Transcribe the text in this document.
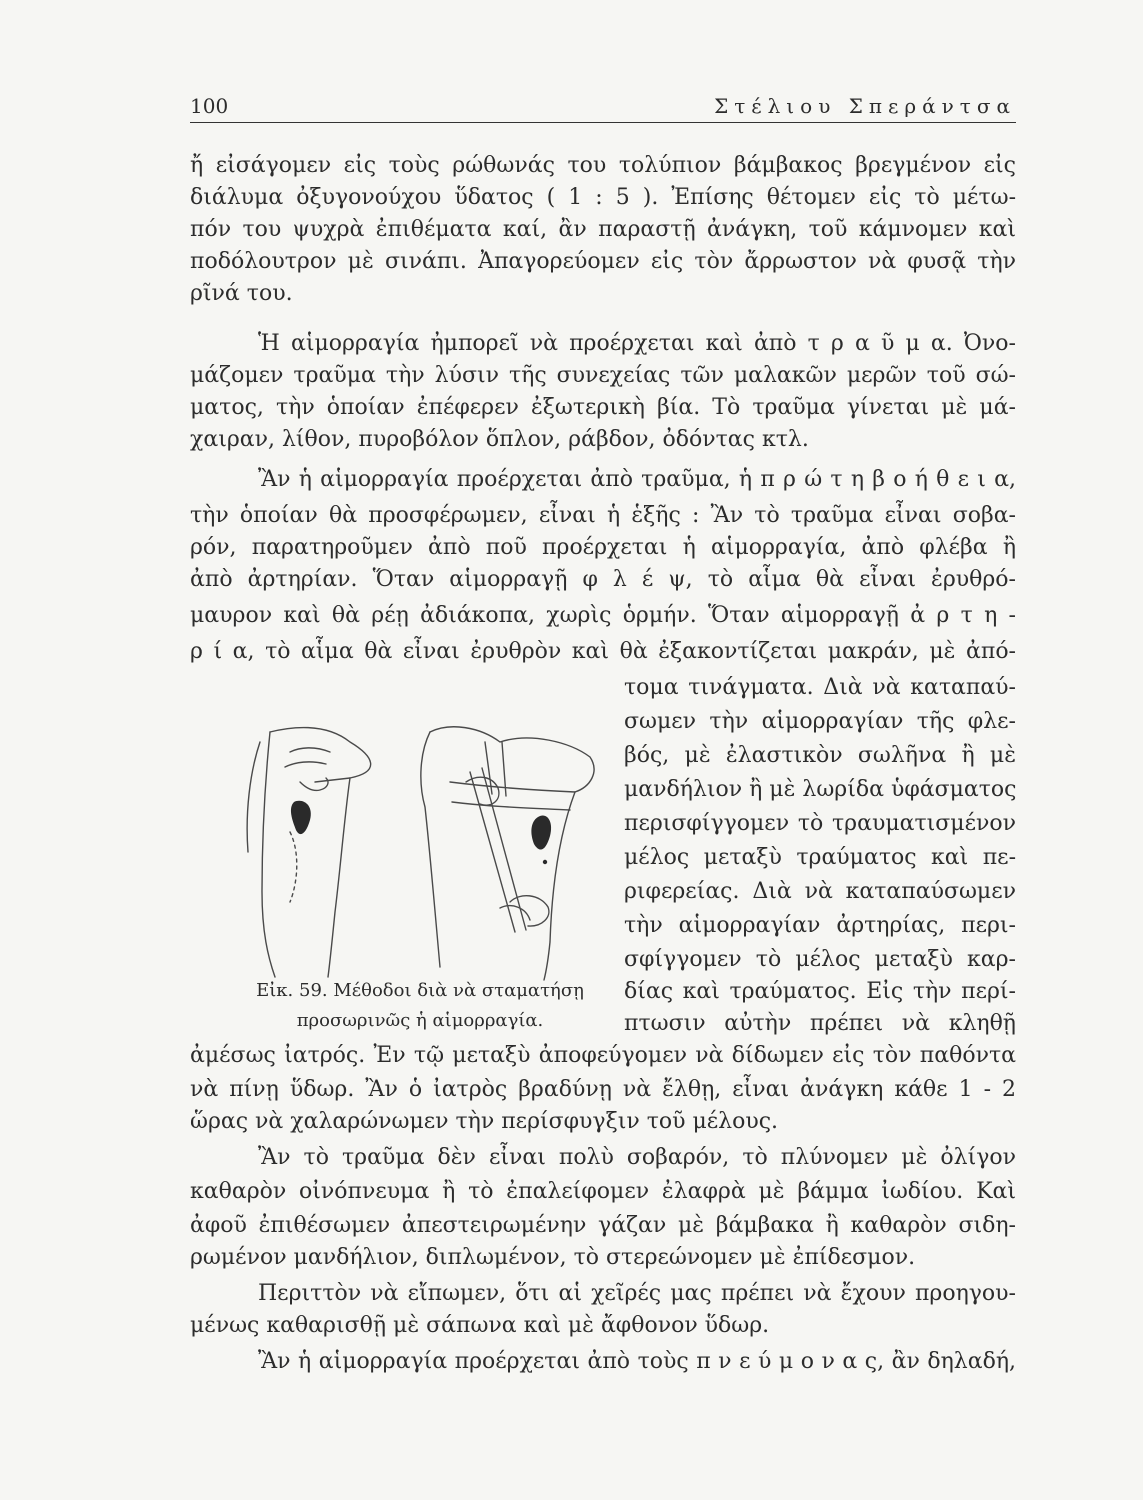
100	Στέλιου Σπεράντσα
ἤ εἰσάγομεν εἰς τοὺς ρώθωνάς του τολύπιον βάμβακος βρεγμένον εἰς
διάλυμα ὀξυγονούχου ὕδατος ( 1 : 5 ). Ἐπίσης θέτομεν εἰς τὸ μέτω-
πόν του ψυχρὰ ἐπιθέματα καί, ἂν παραστῇ ἀνάγκη, τοῦ κάμνομεν καὶ
ποδόλουτρον μὲ σινάπι. Ἀπαγορεύομεν εἰς τὸν ἄρρωστον νὰ φυσᾷ τὴν
ρῖνά του.
Ἡ αἱμορραγία ἠμπορεῖ νὰ προέρχεται καὶ ἀπὸ τ ρ α ῦ μ α. Ὀνο-
μάζομεν τραῦμα τὴν λύσιν τῆς συνεχείας τῶν μαλακῶν μερῶν τοῦ σώ-
ματος, τὴν ὁποίαν ἐπέφερεν ἐξωτερικὴ βία. Τὸ τραῦμα γίνεται μὲ μά-
χαιραν, λίθον, πυροβόλον ὅπλον, ράβδον, ὀδόντας κτλ.
Ἂν ἡ αἱμορραγία προέρχεται ἀπὸ τραῦμα, ἡ π ρ ώ τ η β ο ή θ ε ι α,
τὴν ὁποίαν θὰ προσφέρωμεν, εἶναι ἡ ἑξῆς : Ἂν τὸ τραῦμα εἶναι σοβα-
ρόν, παρατηροῦμεν ἀπὸ ποῦ προέρχεται ἡ αἱμορραγία, ἀπὸ φλέβα ἢ
ἀπὸ ἀρτηρίαν. Ὅταν αἱμορραγῇ φ λ έ ψ, τὸ αἷμα θὰ εἶναι ἐρυθρό-
μαυρον καὶ θὰ ρέῃ ἀδιάκοπα, χωρὶς ὁρμήν. Ὅταν αἱμορραγῇ ἀ ρ τ η -
ρ ί α, τὸ αἷμα θὰ εἶναι ἐρυθρὸν καὶ θὰ ἐξακοντίζεται μακράν, μὲ ἀπό-
τομα τινάγματα. Διὰ νὰ καταπαύ-
σωμεν τὴν αἱμορραγίαν τῆς φλε-
βός, μὲ ἐλαστικὸν σωλῆνα ἢ μὲ
μανδήλιον ἢ μὲ λωρίδα ὑφάσματος
περισφίγγομεν τὸ τραυματισμένον
μέλος μεταξὺ τραύματος καὶ πε-
ριφερείας. Διὰ νὰ καταπαύσωμεν
τὴν αἱμορραγίαν ἀρτηρίας, περι-
σφίγγομεν τὸ μέλος μεταξὺ καρ-
δίας καὶ τραύματος. Εἰς τὴν περί-
πτωσιν αὐτὴν πρέπει νὰ κληθῇ
Εἰκ. 59. Μέθοδοι διὰ νὰ σταματήσῃ
προσωρινῶς ἡ αἱμορραγία.
ἀμέσως ἰατρός. Ἐν τῷ μεταξὺ ἀποφεύγομεν νὰ δίδωμεν εἰς τὸν παθόντα
νὰ πίνῃ ὕδωρ. Ἂν ὁ ἰατρὸς βραδύνῃ νὰ ἔλθῃ, εἶναι ἀνάγκη κάθε 1 - 2
ὥρας νὰ χαλαρώνωμεν τὴν περίσφυγξιν τοῦ μέλους.
Ἂν τὸ τραῦμα δὲν εἶναι πολὺ σοβαρόν, τὸ πλύνομεν μὲ ὀλίγον
καθαρὸν οἰνόπνευμα ἢ τὸ ἐπαλείφομεν ἐλαφρὰ μὲ βάμμα ἰωδίου. Καὶ
ἀφοῦ ἐπιθέσωμεν ἀπεστειρωμένην γάζαν μὲ βάμβακα ἢ καθαρὸν σιδη-
ρωμένον μανδήλιον, διπλωμένον, τὸ στερεώνομεν μὲ ἐπίδεσμον.
Περιττὸν νὰ εἴπωμεν, ὅτι αἱ χεῖρές μας πρέπει νὰ ἔχουν προηγου-
μένως καθαρισθῇ μὲ σάπωνα καὶ μὲ ἄφθονον ὕδωρ.
Ἂν ἡ αἱμορραγία προέρχεται ἀπὸ τοὺς π ν ε ύ μ ο ν α ς, ἂν δηλαδή,
